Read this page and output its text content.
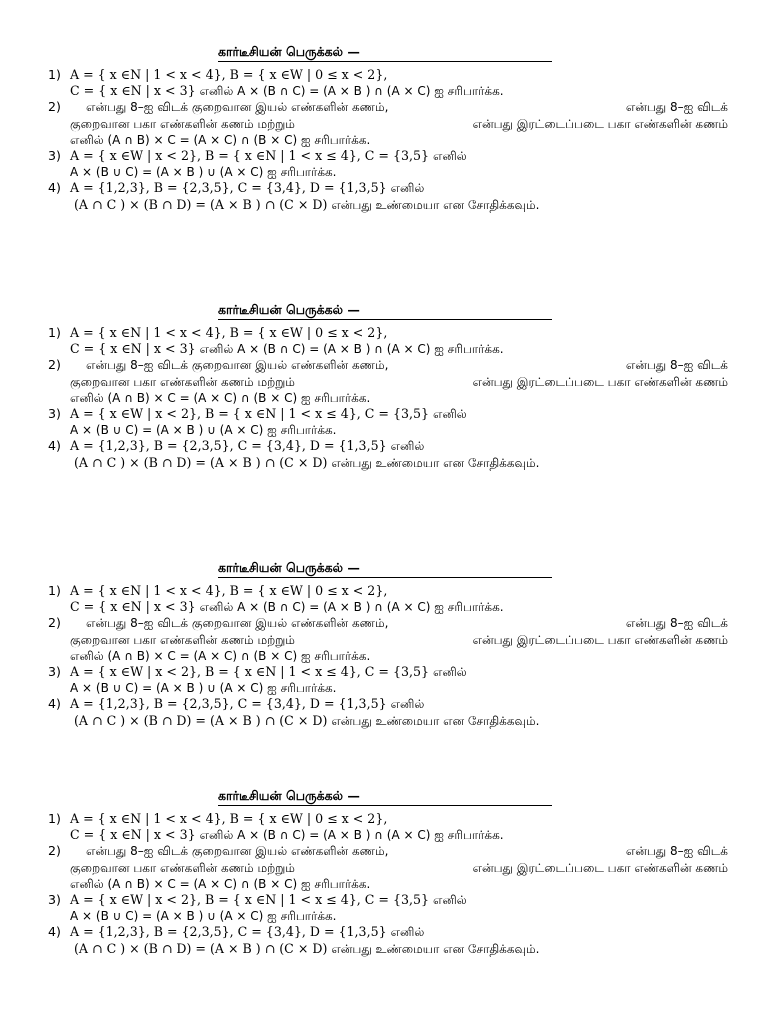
கார்டீசியன் பெருக்கல் —
1) A = { x ∈N | 1 < x < 4}, B = { x ∈W | 0 ≤ x < 2},
C = { x ∈N | x < 3} எனில் A × (B ∩ C) = (A × B ) ∩ (A × C) ஐ சரிபார்க்க.
2)	என்பது 8–ஐ விடக் குறைவான இயல் எண்களின் கணம்,	என்பது 8–ஐ விடக்
குறைவான பகா எண்களின் கணம் மற்றும்	என்பது இரட்டைப்படை பகா எண்களின் கணம்
எனில் (A ∩ B) × C = (A × C) ∩ (B × C) ஐ சரிபார்க்க.
3) A = { x ∈W | x < 2}, B = { x ∈N | 1 < x ≤ 4}, C = {3,5} எனில்
A × (B ∪ C) = (A × B ) ∪ (A × C) ஐ சரிபார்க்க.
4) A = {1,2,3}, B = {2,3,5}, C = {3,4}, D = {1,3,5} எனில்
(A ∩ C ) × (B ∩ D) = (A × B ) ∩ (C × D) என்பது உண்மையா என சோதிக்கவும்.
கார்டீசியன் பெருக்கல் —
1) A = { x ∈N | 1 < x < 4}, B = { x ∈W | 0 ≤ x < 2},
C = { x ∈N | x < 3} எனில் A × (B ∩ C) = (A × B ) ∩ (A × C) ஐ சரிபார்க்க.
2)	என்பது 8–ஐ விடக் குறைவான இயல் எண்களின் கணம்,	என்பது 8–ஐ விடக்
குறைவான பகா எண்களின் கணம் மற்றும்	என்பது இரட்டைப்படை பகா எண்களின் கணம்
எனில் (A ∩ B) × C = (A × C) ∩ (B × C) ஐ சரிபார்க்க.
3) A = { x ∈W | x < 2}, B = { x ∈N | 1 < x ≤ 4}, C = {3,5} எனில்
A × (B ∪ C) = (A × B ) ∪ (A × C) ஐ சரிபார்க்க.
4) A = {1,2,3}, B = {2,3,5}, C = {3,4}, D = {1,3,5} எனில்
(A ∩ C ) × (B ∩ D) = (A × B ) ∩ (C × D) என்பது உண்மையா என சோதிக்கவும்.
கார்டீசியன் பெருக்கல் —
1) A = { x ∈N | 1 < x < 4}, B = { x ∈W | 0 ≤ x < 2},
C = { x ∈N | x < 3} எனில் A × (B ∩ C) = (A × B ) ∩ (A × C) ஐ சரிபார்க்க.
2)	என்பது 8–ஐ விடக் குறைவான இயல் எண்களின் கணம்,	என்பது 8–ஐ விடக்
குறைவான பகா எண்களின் கணம் மற்றும்	என்பது இரட்டைப்படை பகா எண்களின் கணம்
எனில் (A ∩ B) × C = (A × C) ∩ (B × C) ஐ சரிபார்க்க.
3) A = { x ∈W | x < 2}, B = { x ∈N | 1 < x ≤ 4}, C = {3,5} எனில்
A × (B ∪ C) = (A × B ) ∪ (A × C) ஐ சரிபார்க்க.
4) A = {1,2,3}, B = {2,3,5}, C = {3,4}, D = {1,3,5} எனில்
(A ∩ C ) × (B ∩ D) = (A × B ) ∩ (C × D) என்பது உண்மையா என சோதிக்கவும்.
கார்டீசியன் பெருக்கல் —
1) A = { x ∈N | 1 < x < 4}, B = { x ∈W | 0 ≤ x < 2},
C = { x ∈N | x < 3} எனில் A × (B ∩ C) = (A × B ) ∩ (A × C) ஐ சரிபார்க்க.
2)	என்பது 8–ஐ விடக் குறைவான இயல் எண்களின் கணம்,	என்பது 8–ஐ விடக்
குறைவான பகா எண்களின் கணம் மற்றும்	என்பது இரட்டைப்படை பகா எண்களின் கணம்
எனில் (A ∩ B) × C = (A × C) ∩ (B × C) ஐ சரிபார்க்க.
3) A = { x ∈W | x < 2}, B = { x ∈N | 1 < x ≤ 4}, C = {3,5} எனில்
A × (B ∪ C) = (A × B ) ∪ (A × C) ஐ சரிபார்க்க.
4) A = {1,2,3}, B = {2,3,5}, C = {3,4}, D = {1,3,5} எனில்
(A ∩ C ) × (B ∩ D) = (A × B ) ∩ (C × D) என்பது உண்மையா என சோதிக்கவும்.
